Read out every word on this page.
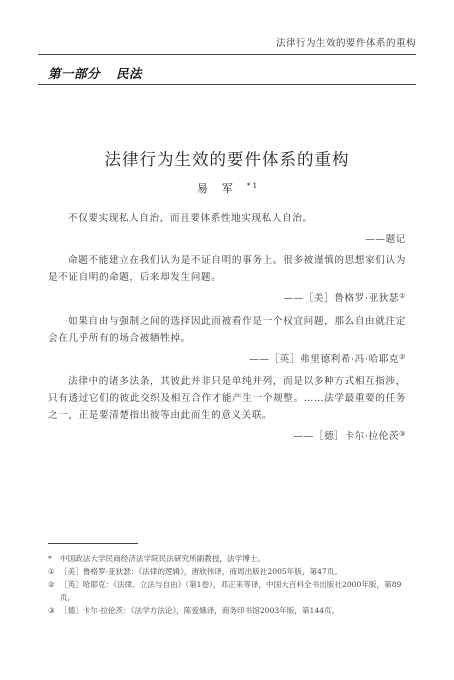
法律行为生效的要件体系的重构
第一部分 民法
法律行为生效的要件体系的重构
易军$^{* 1}$

不仅要实现私人自治，而且要体系性地实现私人自治。

——题记

命题不能建立在我们认为是不证自明的事务上。很多被谨慎的思想家们认为是不证自明的命题，后来却发生问题。

——［美］鲁格罗·亚狄瑟①

如果自由与强制之间的选择因此而被看作是一个权宜问题，那么自由就注定会在几乎所有的场合被牺牲掉。

——［英］弗里德利希·冯·哈耶克②

法律中的诸多法条，其彼此并非只是单纯并列，而是以多种方式相互指涉，只有透过它们的彼此交织及相互合作才能产生一个规整。……法学最重要的任务之一，正是要清楚指出彼等由此而生的意义关联。

——［德］卡尔·拉伦茨③

* 中国政法大学民商经济法学院民法研究所副教授，法学博士。

① ［美］鲁格罗·亚狄瑟：《法律的逻辑》，唐欣伟译，商周出版社2005年版，第47页。

② ［英］哈耶克：《法律、立法与自由》（第1卷），邓正来等译，中国大百科全书出版社2000年版，第89页。

③ ［德］卡尔·拉伦茨：《法学方法论》，陈爱娥译，商务印书馆2003年版，第144页。
